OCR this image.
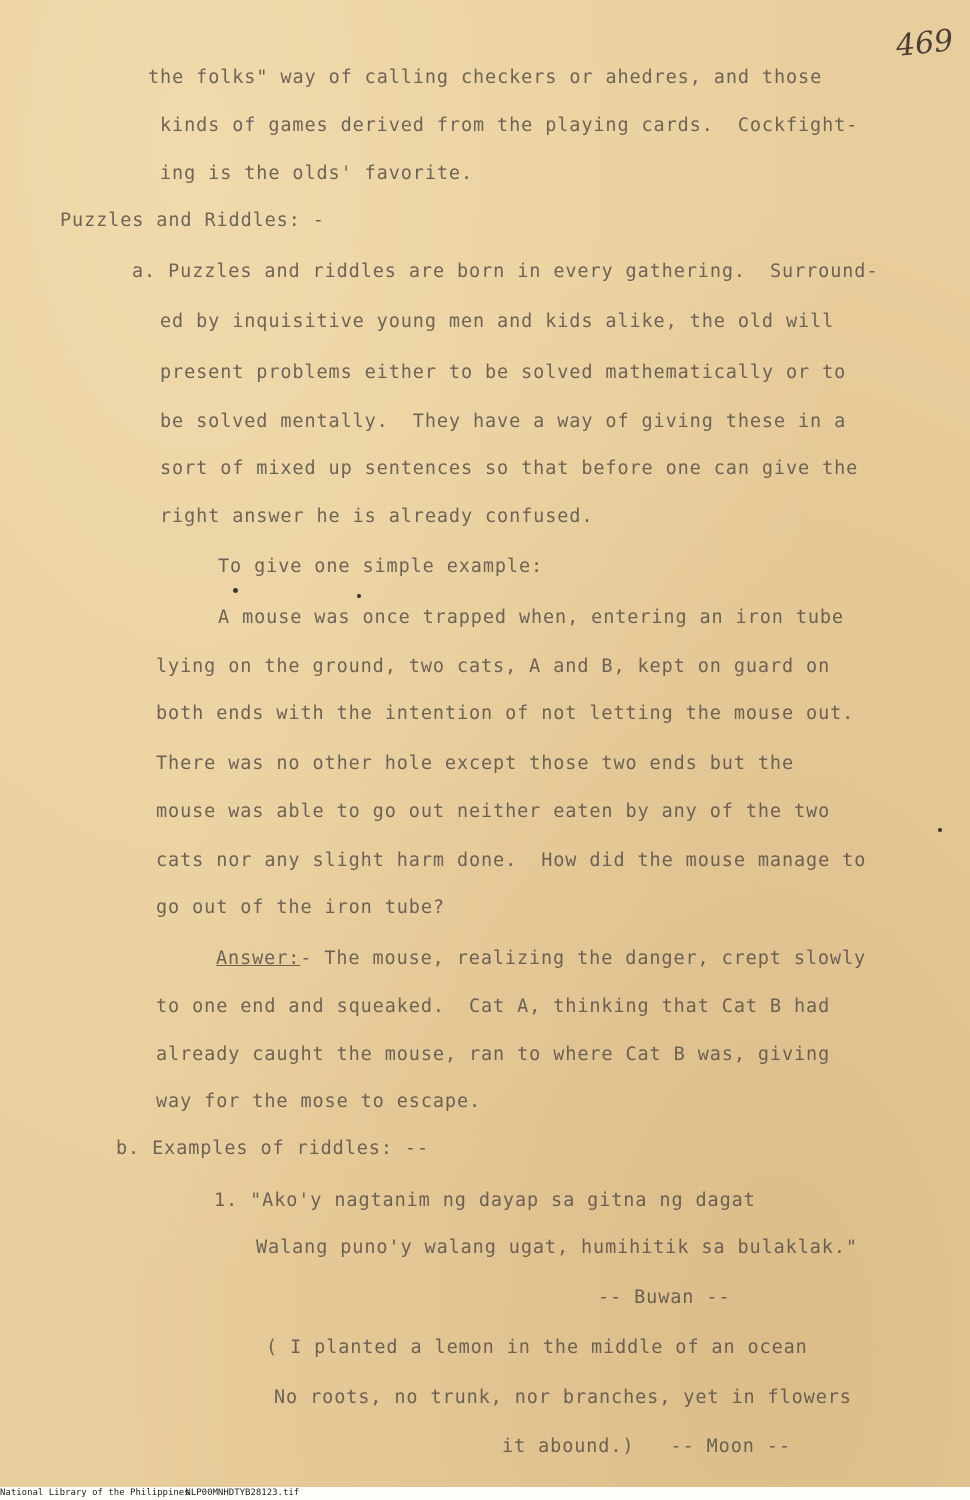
469
the folks" way of calling checkers or ahedres, and those
kinds of games derived from the playing cards.  Cockfight-
ing is the olds' favorite.
Puzzles and Riddles: -
a. Puzzles and riddles are born in every gathering.  Surround-
ed by inquisitive young men and kids alike, the old will
present problems either to be solved mathematically or to
be solved mentally.  They have a way of giving these in a
sort of mixed up sentences so that before one can give the
right answer he is already confused.
To give one simple example:
A mouse was once trapped when, entering an iron tube
lying on the ground, two cats, A and B, kept on guard on
both ends with the intention of not letting the mouse out.
There was no other hole except those two ends but the
mouse was able to go out neither eaten by any of the two
cats nor any slight harm done.  How did the mouse manage to
go out of the iron tube?
Answer:- The mouse, realizing the danger, crept slowly
to one end and squeaked.  Cat A, thinking that Cat B had
already caught the mouse, ran to where Cat B was, giving
way for the mose to escape.
b. Examples of riddles: --
1. "Ako'y nagtanim ng dayap sa gitna ng dagat
Walang puno'y walang ugat, humihitik sa bulaklak."
-- Buwan --
( I planted a lemon in the middle of an ocean
No roots, no trunk, nor branches, yet in flowers
it abound.)   -- Moon --
National Library of the Philippines NLP00MNHDTYB28123.tif
